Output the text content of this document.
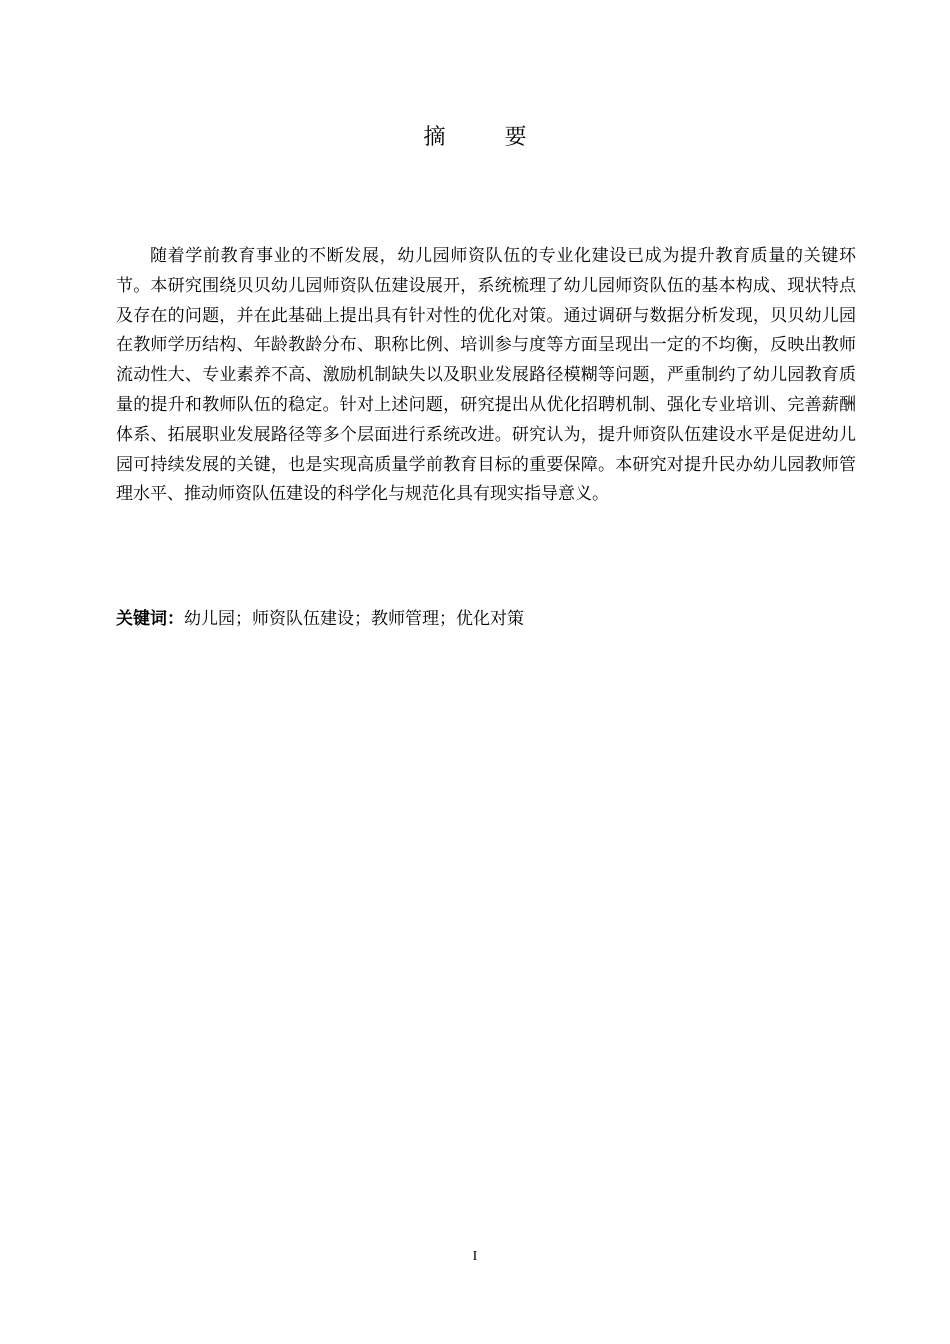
摘 要

随着学前教育事业的不断发展，幼儿园师资队伍的专业化建设已成为提升教育质量的关键环节。本研究围绕贝贝幼儿园师资队伍建设展开，系统梳理了幼儿园师资队伍的基本构成、现状特点及存在的问题，并在此基础上提出具有针对性的优化对策。通过调研与数据分析发现，贝贝幼儿园在教师学历结构、年龄教龄分布、职称比例、培训参与度等方面呈现出一定的不均衡，反映出教师流动性大、专业素养不高、激励机制缺失以及职业发展路径模糊等问题，严重制约了幼儿园教育质量的提升和教师队伍的稳定。针对上述问题，研究提出从优化招聘机制、强化专业培训、完善薪酬体系、拓展职业发展路径等多个层面进行系统改进。研究认为，提升师资队伍建设水平是促进幼儿园可持续发展的关键，也是实现高质量学前教育目标的重要保障。本研究对提升民办幼儿园教师管理水平、推动师资队伍建设的科学化与规范化具有现实指导意义。

关键词：幼儿园；师资队伍建设；教师管理；优化对策

I
